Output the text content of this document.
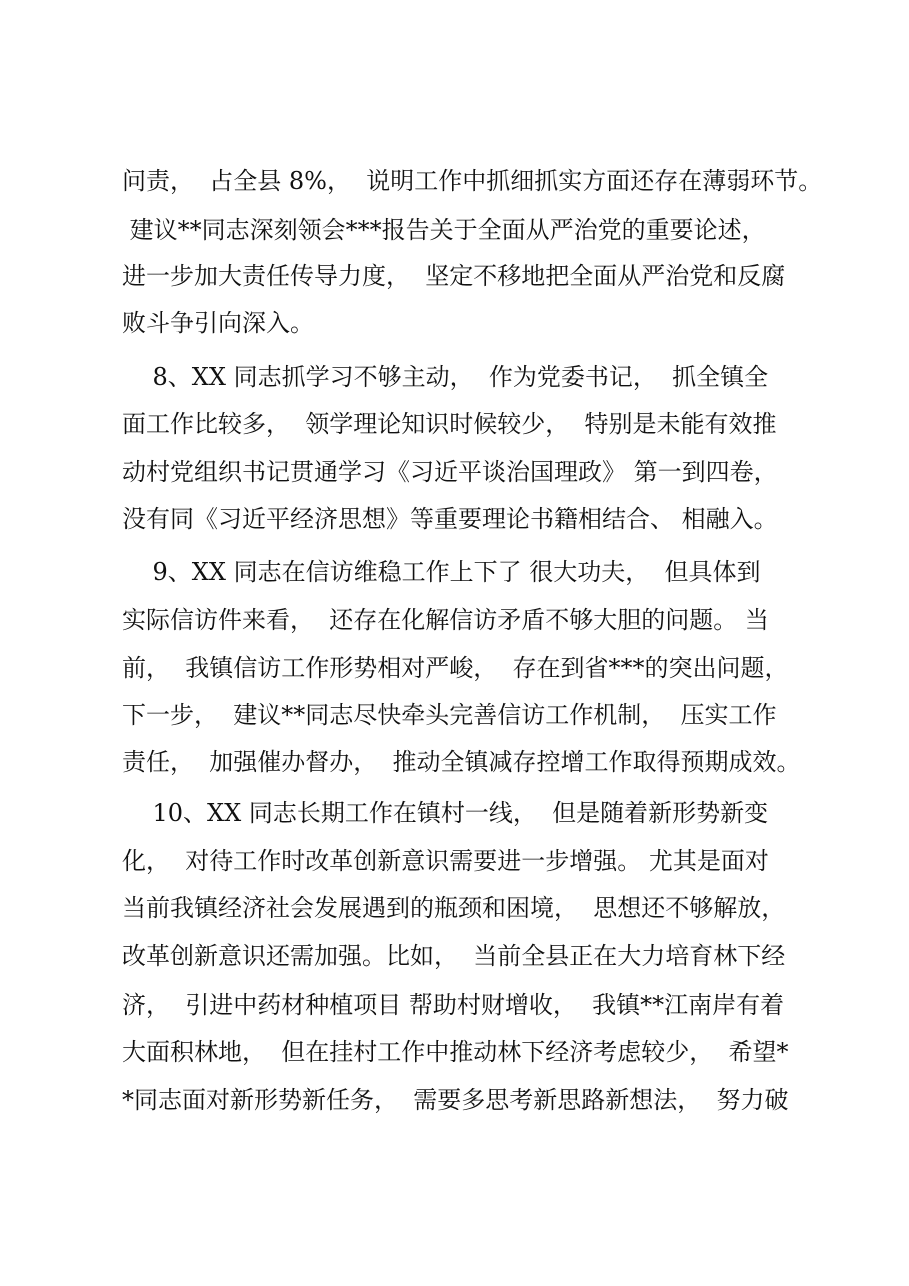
问责，  占全县 8%，  说明工作中抓细抓实方面还存在薄弱环节。
建议**同志深刻领会***报告关于全面从严治党的重要论述，
进一步加大责任传导力度，  坚定不移地把全面从严治党和反腐
败斗争引向深入。
8、XX 同志抓学习不够主动，  作为党委书记，  抓全镇全
面工作比较多，  领学理论知识时候较少，  特别是未能有效推
动村党组织书记贯通学习《习近平谈治国理政》 第一到四卷，
没有同《习近平经济思想》等重要理论书籍相结合、 相融入。
9、XX 同志在信访维稳工作上下了 很大功夫，  但具体到
实际信访件来看，  还存在化解信访矛盾不够大胆的问题。 当
前，  我镇信访工作形势相对严峻，  存在到省***的突出问题，
下一步，  建议**同志尽快牵头完善信访工作机制，  压实工作
责任，  加强催办督办，  推动全镇减存控增工作取得预期成效。
10、XX 同志长期工作在镇村一线，  但是随着新形势新变
化，  对待工作时改革创新意识需要进一步增强。 尤其是面对
当前我镇经济社会发展遇到的瓶颈和困境，  思想还不够解放，
改革创新意识还需加强。比如，  当前全县正在大力培育林下经
济，  引进中药材种植项目 帮助村财增收，  我镇**江南岸有着
大面积林地，  但在挂村工作中推动林下经济考虑较少，  希望*
*同志面对新形势新任务，  需要多思考新思路新想法，  努力破
